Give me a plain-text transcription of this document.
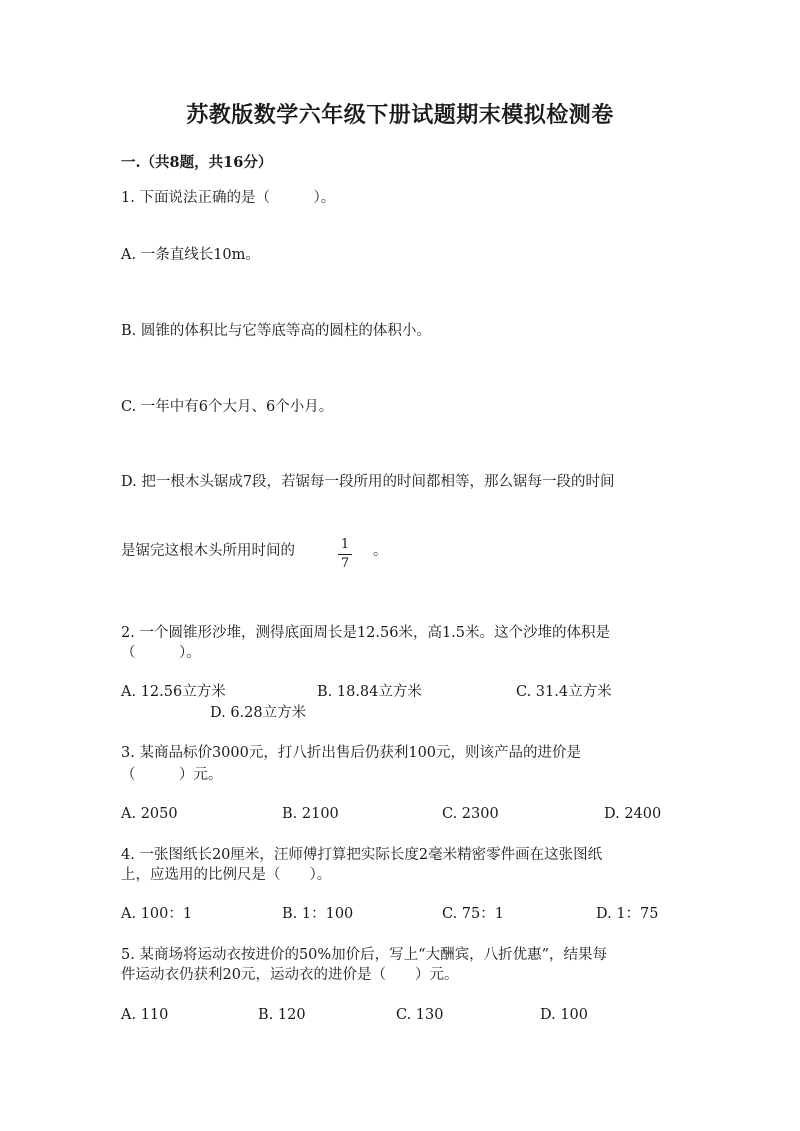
苏教版数学六年级下册试题期末模拟检测卷
一.（共8题，共16分）
1. 下面说法正确的是（　　　）。
A. 一条直线长10m。
B. 圆锥的体积比与它等底等高的圆柱的体积小。
C. 一年中有6个大月、6个小月。
D. 把一根木头锯成7段，若锯每一段所用的时间都相等，那么锯每一段的时间
是锯完这根木头所用时间的	1
7
。
2. 一个圆锥形沙堆，测得底面周长是12.56米，高1.5米。这个沙堆的体积是
（　　　）。
A. 12.56立方米	B. 18.84立方米	C. 31.4立方米
D. 6.28立方米
3. 某商品标价3000元，打八折出售后仍获利100元，则该产品的进价是
（　　　）元。
A. 2050	B. 2100	C. 2300	D. 2400
4. 一张图纸长20厘米，汪师傅打算把实际长度2毫米精密零件画在这张图纸
上，应选用的比例尺是（　　）。
A. 100：1	B. 1：100	C. 75：1	D. 1：75
5. 某商场将运动衣按进价的50%加价后，写上“大酬宾，八折优惠”，结果每
件运动衣仍获利20元，运动衣的进价是（　　）元。
A. 110	B. 120	C. 130	D. 100
